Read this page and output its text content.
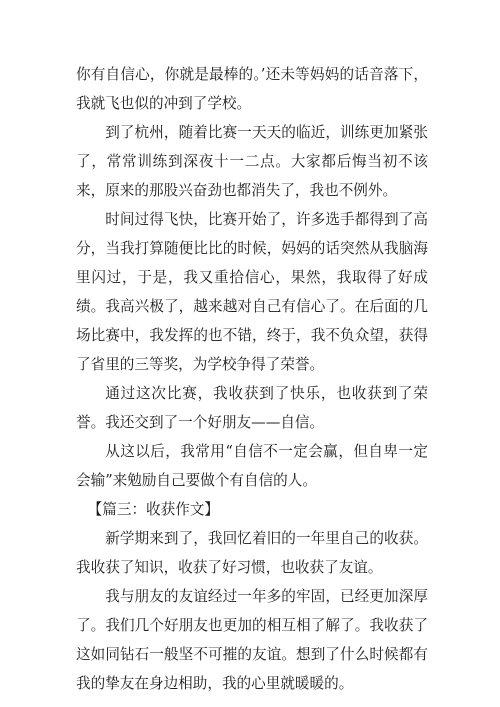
你有自信心，你就是最棒的。’还未等妈妈的话音落下，我就飞也似的冲到了学校。

到了杭州，随着比赛一天天的临近，训练更加紧张了，常常训练到深夜十一二点。大家都后悔当初不该来，原来的那股兴奋劲也都消失了，我也不例外。

时间过得飞快，比赛开始了，许多选手都得到了高分，当我打算随便比比的时候，妈妈的话突然从我脑海里闪过，于是，我又重拾信心，果然，我取得了好成绩。我高兴极了，越来越对自己有信心了。在后面的几场比赛中，我发挥的也不错，终于，我不负众望，获得了省里的三等奖，为学校争得了荣誉。

通过这次比赛，我收获到了快乐，也收获到了荣誉。我还交到了一个好朋友——自信。

从这以后，我常用“自信不一定会赢，但自卑一定会输”来勉励自己要做个有自信的人。

【篇三：收获作文】

新学期来到了，我回忆着旧的一年里自己的收获。我收获了知识，收获了好习惯，也收获了友谊。

我与朋友的友谊经过一年多的牢固，已经更加深厚了。我们几个好朋友也更加的相互相了解了。我收获了这如同钻石一般坚不可摧的友谊。想到了什么时候都有我的挚友在身边相助，我的心里就暖暖的。
